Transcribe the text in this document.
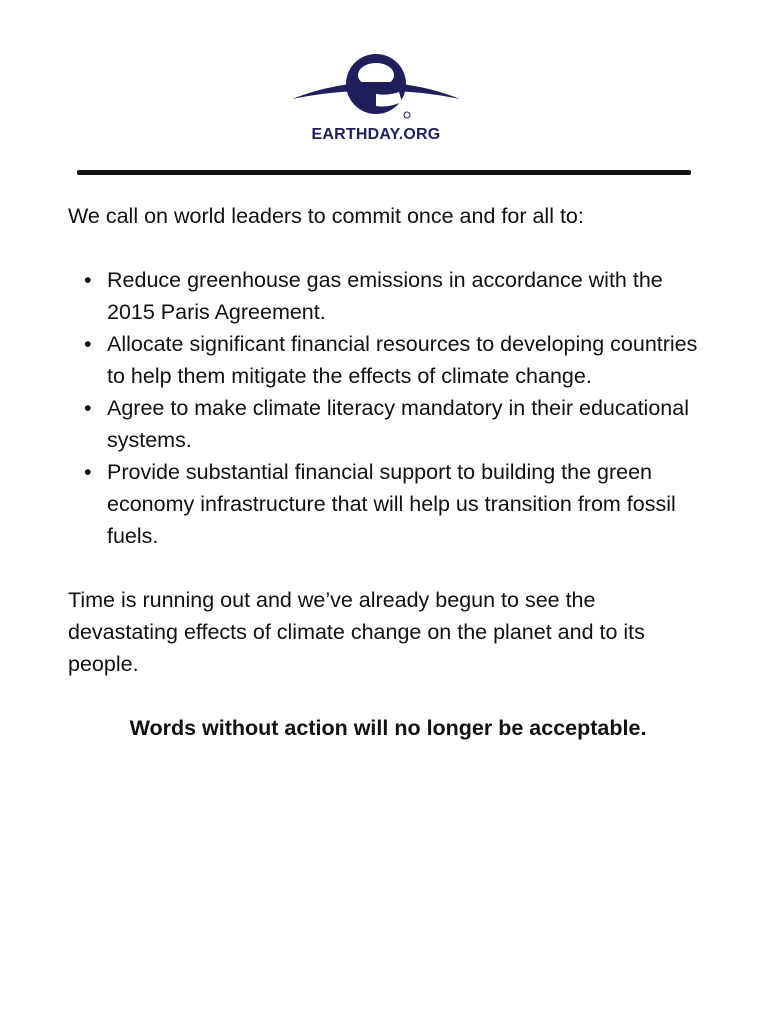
EARTHDAY.ORG

We call on world leaders to commit once and for all to:

• Reduce greenhouse gas emissions in accordance with the 2015 Paris Agreement.
• Allocate significant financial resources to developing countries to help them mitigate the effects of climate change.
• Agree to make climate literacy mandatory in their educational systems.
• Provide substantial financial support to building the green economy infrastructure that will help us transition from fossil fuels.

Time is running out and we’ve already begun to see the devastating effects of climate change on the planet and to its people.

Words without action will no longer be acceptable.
